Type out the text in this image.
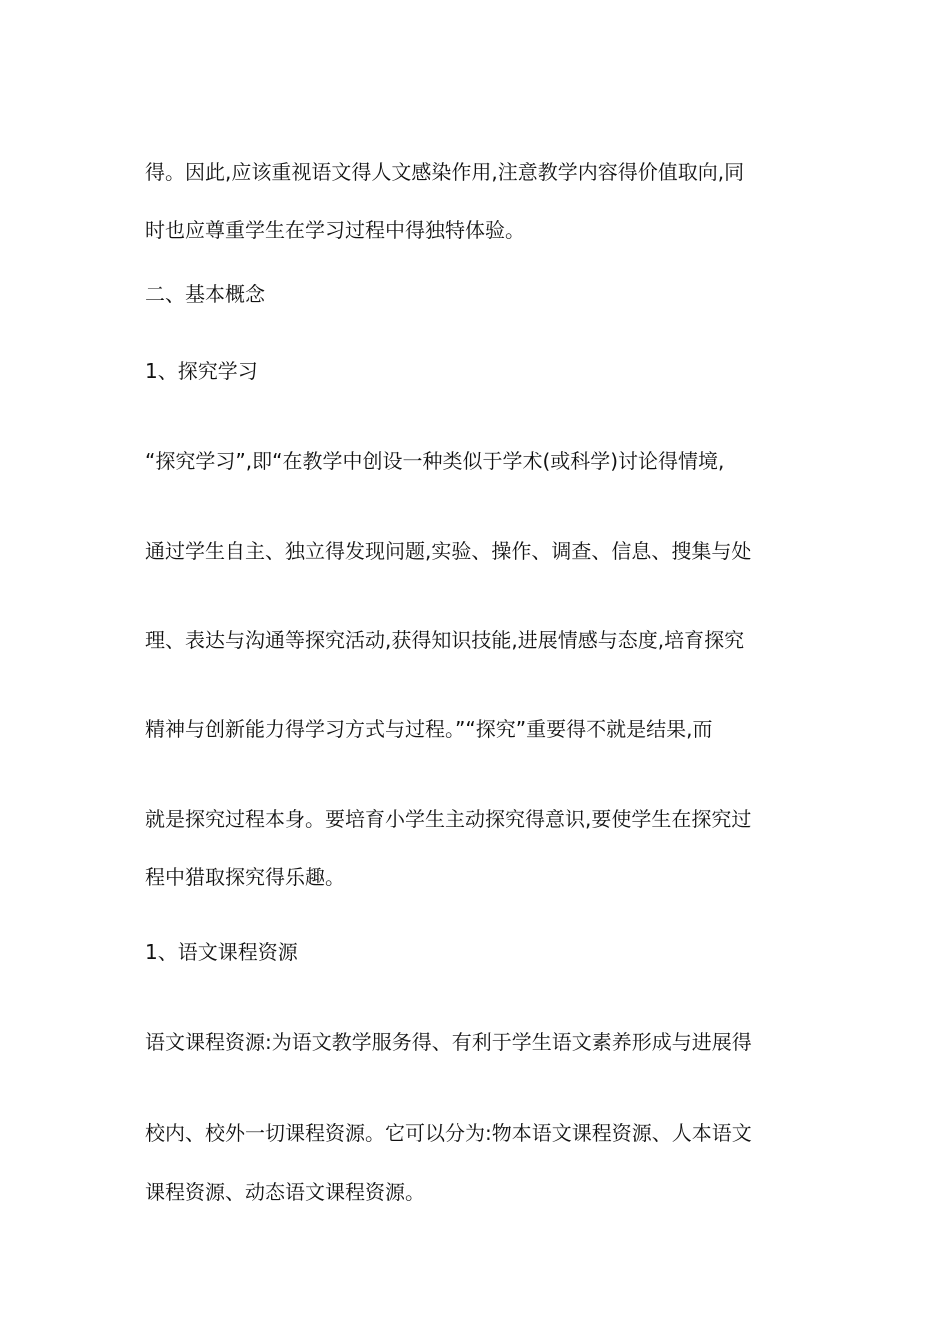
得。因此,应该重视语文得人文感染作用,注意教学内容得价值取向,同
时也应尊重学生在学习过程中得独特体验。
二、基本概念
1、探究学习
“探究学习”,即“在教学中创设一种类似于学术(或科学)讨论得情境,
通过学生自主、独立得发现问题,实验、操作、调查、信息、搜集与处
理、表达与沟通等探究活动,获得知识技能,进展情感与态度,培育探究
精神与创新能力得学习方式与过程。”“探究”重要得不就是结果,而
就是探究过程本身。要培育小学生主动探究得意识,要使学生在探究过
程中猎取探究得乐趣。
1、语文课程资源
语文课程资源:为语文教学服务得、有利于学生语文素养形成与进展得
校内、校外一切课程资源。它可以分为:物本语文课程资源、人本语文
课程资源、动态语文课程资源。
